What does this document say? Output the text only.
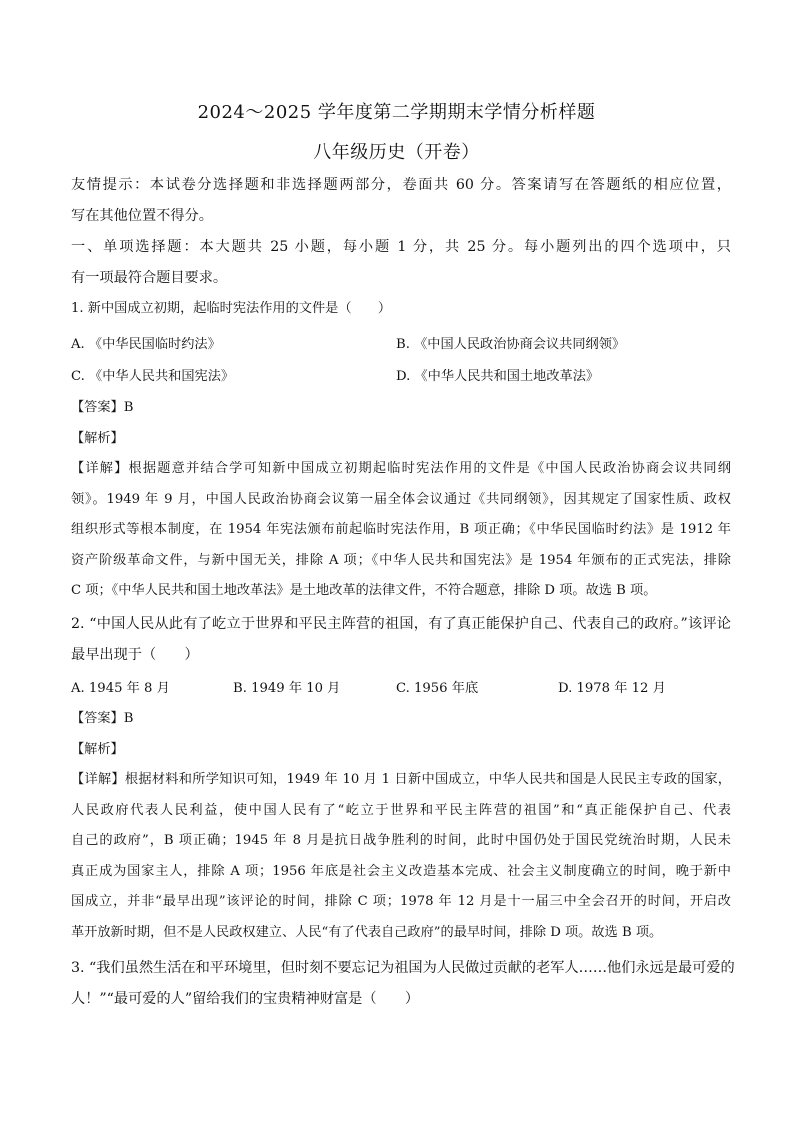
2024～2025 学年度第二学期期末学情分析样题
八年级历史（开卷）
友情提示：本试卷分选择题和非选择题两部分，卷面共 60 分。答案请写在答题纸的相应位置，
写在其他位置不得分。
一、单项选择题：本大题共 25 小题，每小题 1 分，共 25 分。每小题列出的四个选项中，只
有一项最符合题目要求。
1. 新中国成立初期，起临时宪法作用的文件是（　　）
A. 《中华民国临时约法》	B. 《中国人民政治协商会议共同纲领》
C. 《中华人民共和国宪法》	D. 《中华人民共和国土地改革法》
【答案】B
【解析】
【详解】根据题意并结合学可知新中国成立初期起临时宪法作用的文件是《中国人民政治协商会议共同纲
领》。1949 年 9 月，中国人民政治协商会议第一届全体会议通过《共同纲领》，因其规定了国家性质、政权
组织形式等根本制度，在 1954 年宪法颁布前起临时宪法作用，B 项正确；《中华民国临时约法》是 1912 年
资产阶级革命文件，与新中国无关，排除 A 项；《中华人民共和国宪法》是 1954 年颁布的正式宪法，排除
C 项；《中华人民共和国土地改革法》是土地改革的法律文件，不符合题意，排除 D 项。故选 B 项。
2. “中国人民从此有了屹立于世界和平民主阵营的祖国，有了真正能保护自己、代表自己的政府。”该评论
最早出现于（　　）
A. 1945 年 8 月	B. 1949 年 10 月	C. 1956 年底	D. 1978 年 12 月
【答案】B
【解析】
【详解】根据材料和所学知识可知，1949 年 10 月 1 日新中国成立，中华人民共和国是人民民主专政的国家，
人民政府代表人民利益，使中国人民有了“屹立于世界和平民主阵营的祖国”和“真正能保护自己、代表
自己的政府”，B 项正确；1945 年 8 月是抗日战争胜利的时间，此时中国仍处于国民党统治时期，人民未
真正成为国家主人，排除 A 项；1956 年底是社会主义改造基本完成、社会主义制度确立的时间，晚于新中
国成立，并非“最早出现”该评论的时间，排除 C 项；1978 年 12 月是十一届三中全会召开的时间，开启改
革开放新时期，但不是人民政权建立、人民“有了代表自己政府”的最早时间，排除 D 项。故选 B 项。
3. “我们虽然生活在和平环境里，但时刻不要忘记为祖国为人民做过贡献的老军人……他们永远是最可爱的
人！”“最可爱的人”留给我们的宝贵精神财富是（　　）
